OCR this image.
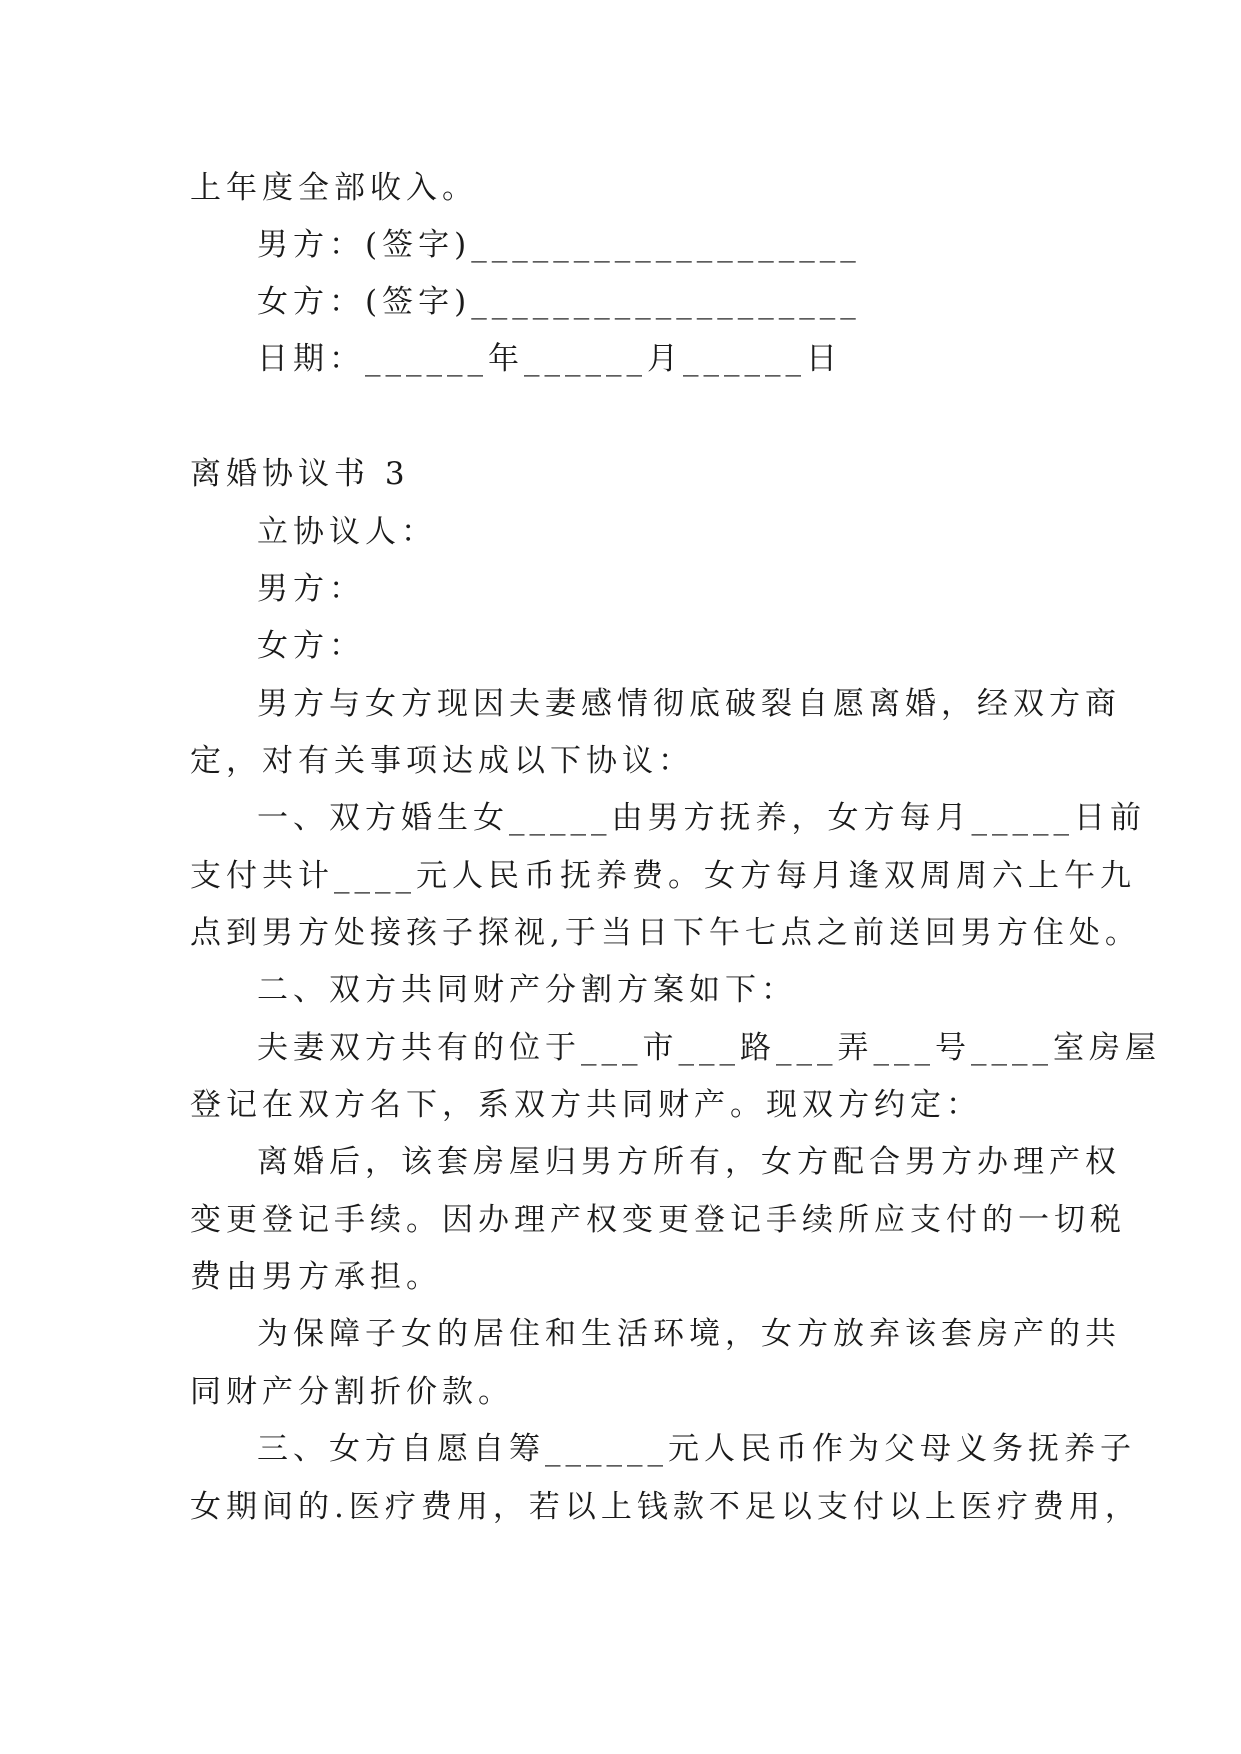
上年度全部收入。
男方：(签字)___________________
女方：(签字)___________________
日期：______年______月______日
离婚协议书 3
立协议人：
男方：
女方：
男方与女方现因夫妻感情彻底破裂自愿离婚，经双方商
定，对有关事项达成以下协议：
一、双方婚生女_____由男方抚养，女方每月_____日前
支付共计____元人民币抚养费。女方每月逢双周周六上午九
点到男方处接孩子探视,于当日下午七点之前送回男方住处。
二、双方共同财产分割方案如下：
夫妻双方共有的位于___市___路___弄___号____室房屋
登记在双方名下，系双方共同财产。现双方约定：
离婚后，该套房屋归男方所有，女方配合男方办理产权
变更登记手续。因办理产权变更登记手续所应支付的一切税
费由男方承担。
为保障子女的居住和生活环境，女方放弃该套房产的共
同财产分割折价款。
三、女方自愿自筹______元人民币作为父母义务抚养子
女期间的.医疗费用，若以上钱款不足以支付以上医疗费用，
